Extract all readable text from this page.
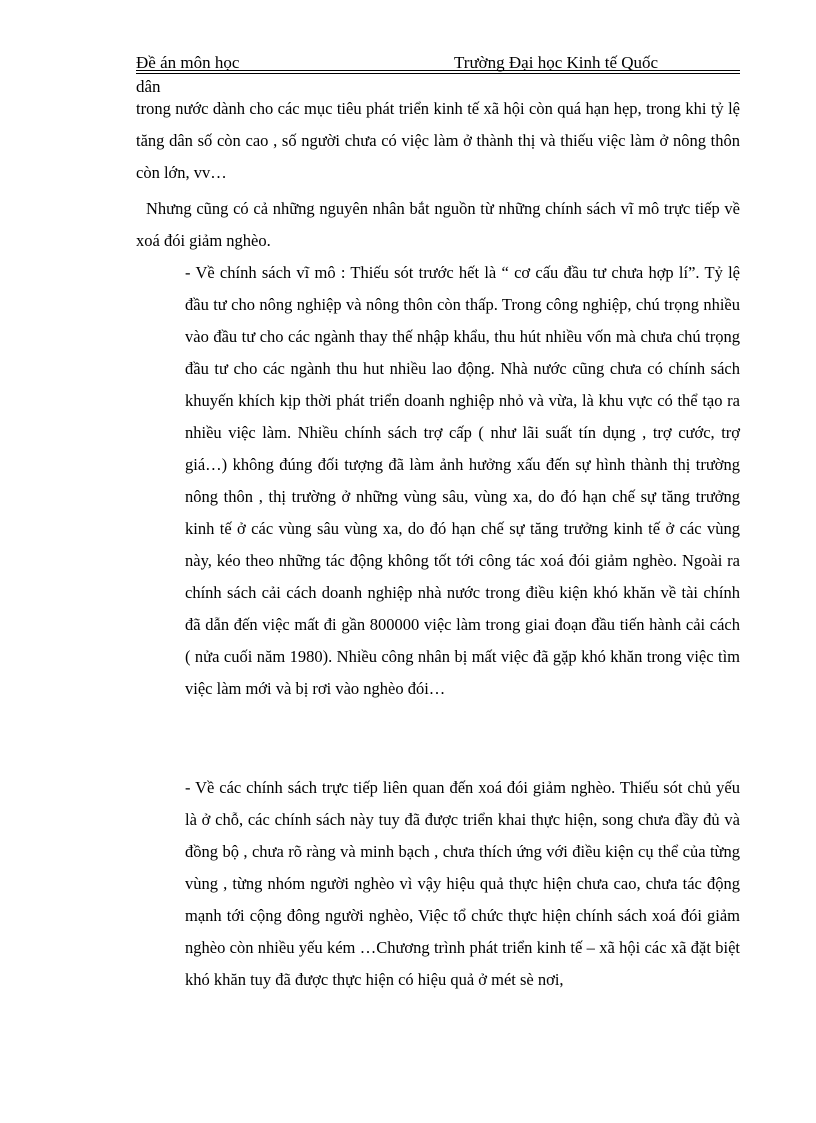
Đề án môn học	Trường Đại học Kinh tế Quốc
dân

trong nước dành cho các mục tiêu phát triển kinh tế xã hội còn quá hạn hẹp, trong khi tỷ lệ tăng dân số còn cao , số người chưa có việc làm ở thành thị và thiếu việc làm ở nông thôn còn lớn, vv…

Nhưng cũng có cả những nguyên nhân bắt nguồn từ những chính sách vĩ mô trực tiếp về xoá đói giảm nghèo.

- Về chính sách vĩ mô : Thiếu sót trước hết là “ cơ cấu đầu tư chưa hợp lí”. Tỷ lệ đầu tư cho nông nghiệp và nông thôn còn thấp. Trong công nghiệp, chú trọng nhiều vào đầu tư cho các ngành thay thế nhập khẩu, thu hút nhiều vốn mà chưa chú trọng đầu tư cho các ngành thu hut nhiều lao động. Nhà nước cũng chưa có chính sách khuyến khích kịp thời phát triển doanh nghiệp nhỏ và vừa, là khu vực có thể tạo ra nhiều việc làm. Nhiều chính sách trợ cấp ( như lãi suất tín dụng , trợ cước, trợ giá…) không đúng đối tượng đã làm ảnh hưởng xấu đến sự hình thành thị trường nông thôn , thị trường ở những vùng sâu, vùng xa, do đó hạn chế sự tăng trưởng kinh tế ở các vùng sâu vùng xa, do đó hạn chế sự tăng trưởng kinh tế ở các vùng này, kéo theo những tác động không tốt tới công tác xoá đói giảm nghèo. Ngoài ra chính sách cải cách doanh nghiệp nhà nước trong điều kiện khó khăn về tài chính đã dẫn đến việc mất đi gần 800000 việc làm trong giai đoạn đầu tiến hành cải cách ( nửa cuối năm 1980). Nhiều công nhân bị mất việc đã gặp khó khăn trong việc tìm việc làm mới và bị rơi vào nghèo đói…

- Về các chính sách trực tiếp liên quan đến xoá đói giảm nghèo. Thiếu sót chủ yếu là ở chỗ, các chính sách này tuy đã được triển khai thực hiện, song chưa đầy đủ và đồng bộ , chưa rõ ràng và minh bạch , chưa thích ứng với điều kiện cụ thể của từng vùng , từng nhóm người nghèo vì vậy hiệu quả thực hiện chưa cao, chưa tác động mạnh tới cộng đông người nghèo, Việc tổ chức thực hiện chính sách xoá đói giảm nghèo còn nhiều yếu kém …Chương trình phát triển kinh tế – xã hội các xã đặt biệt khó khăn tuy đã được thực hiện có hiệu quả ở mét sè nơi,
